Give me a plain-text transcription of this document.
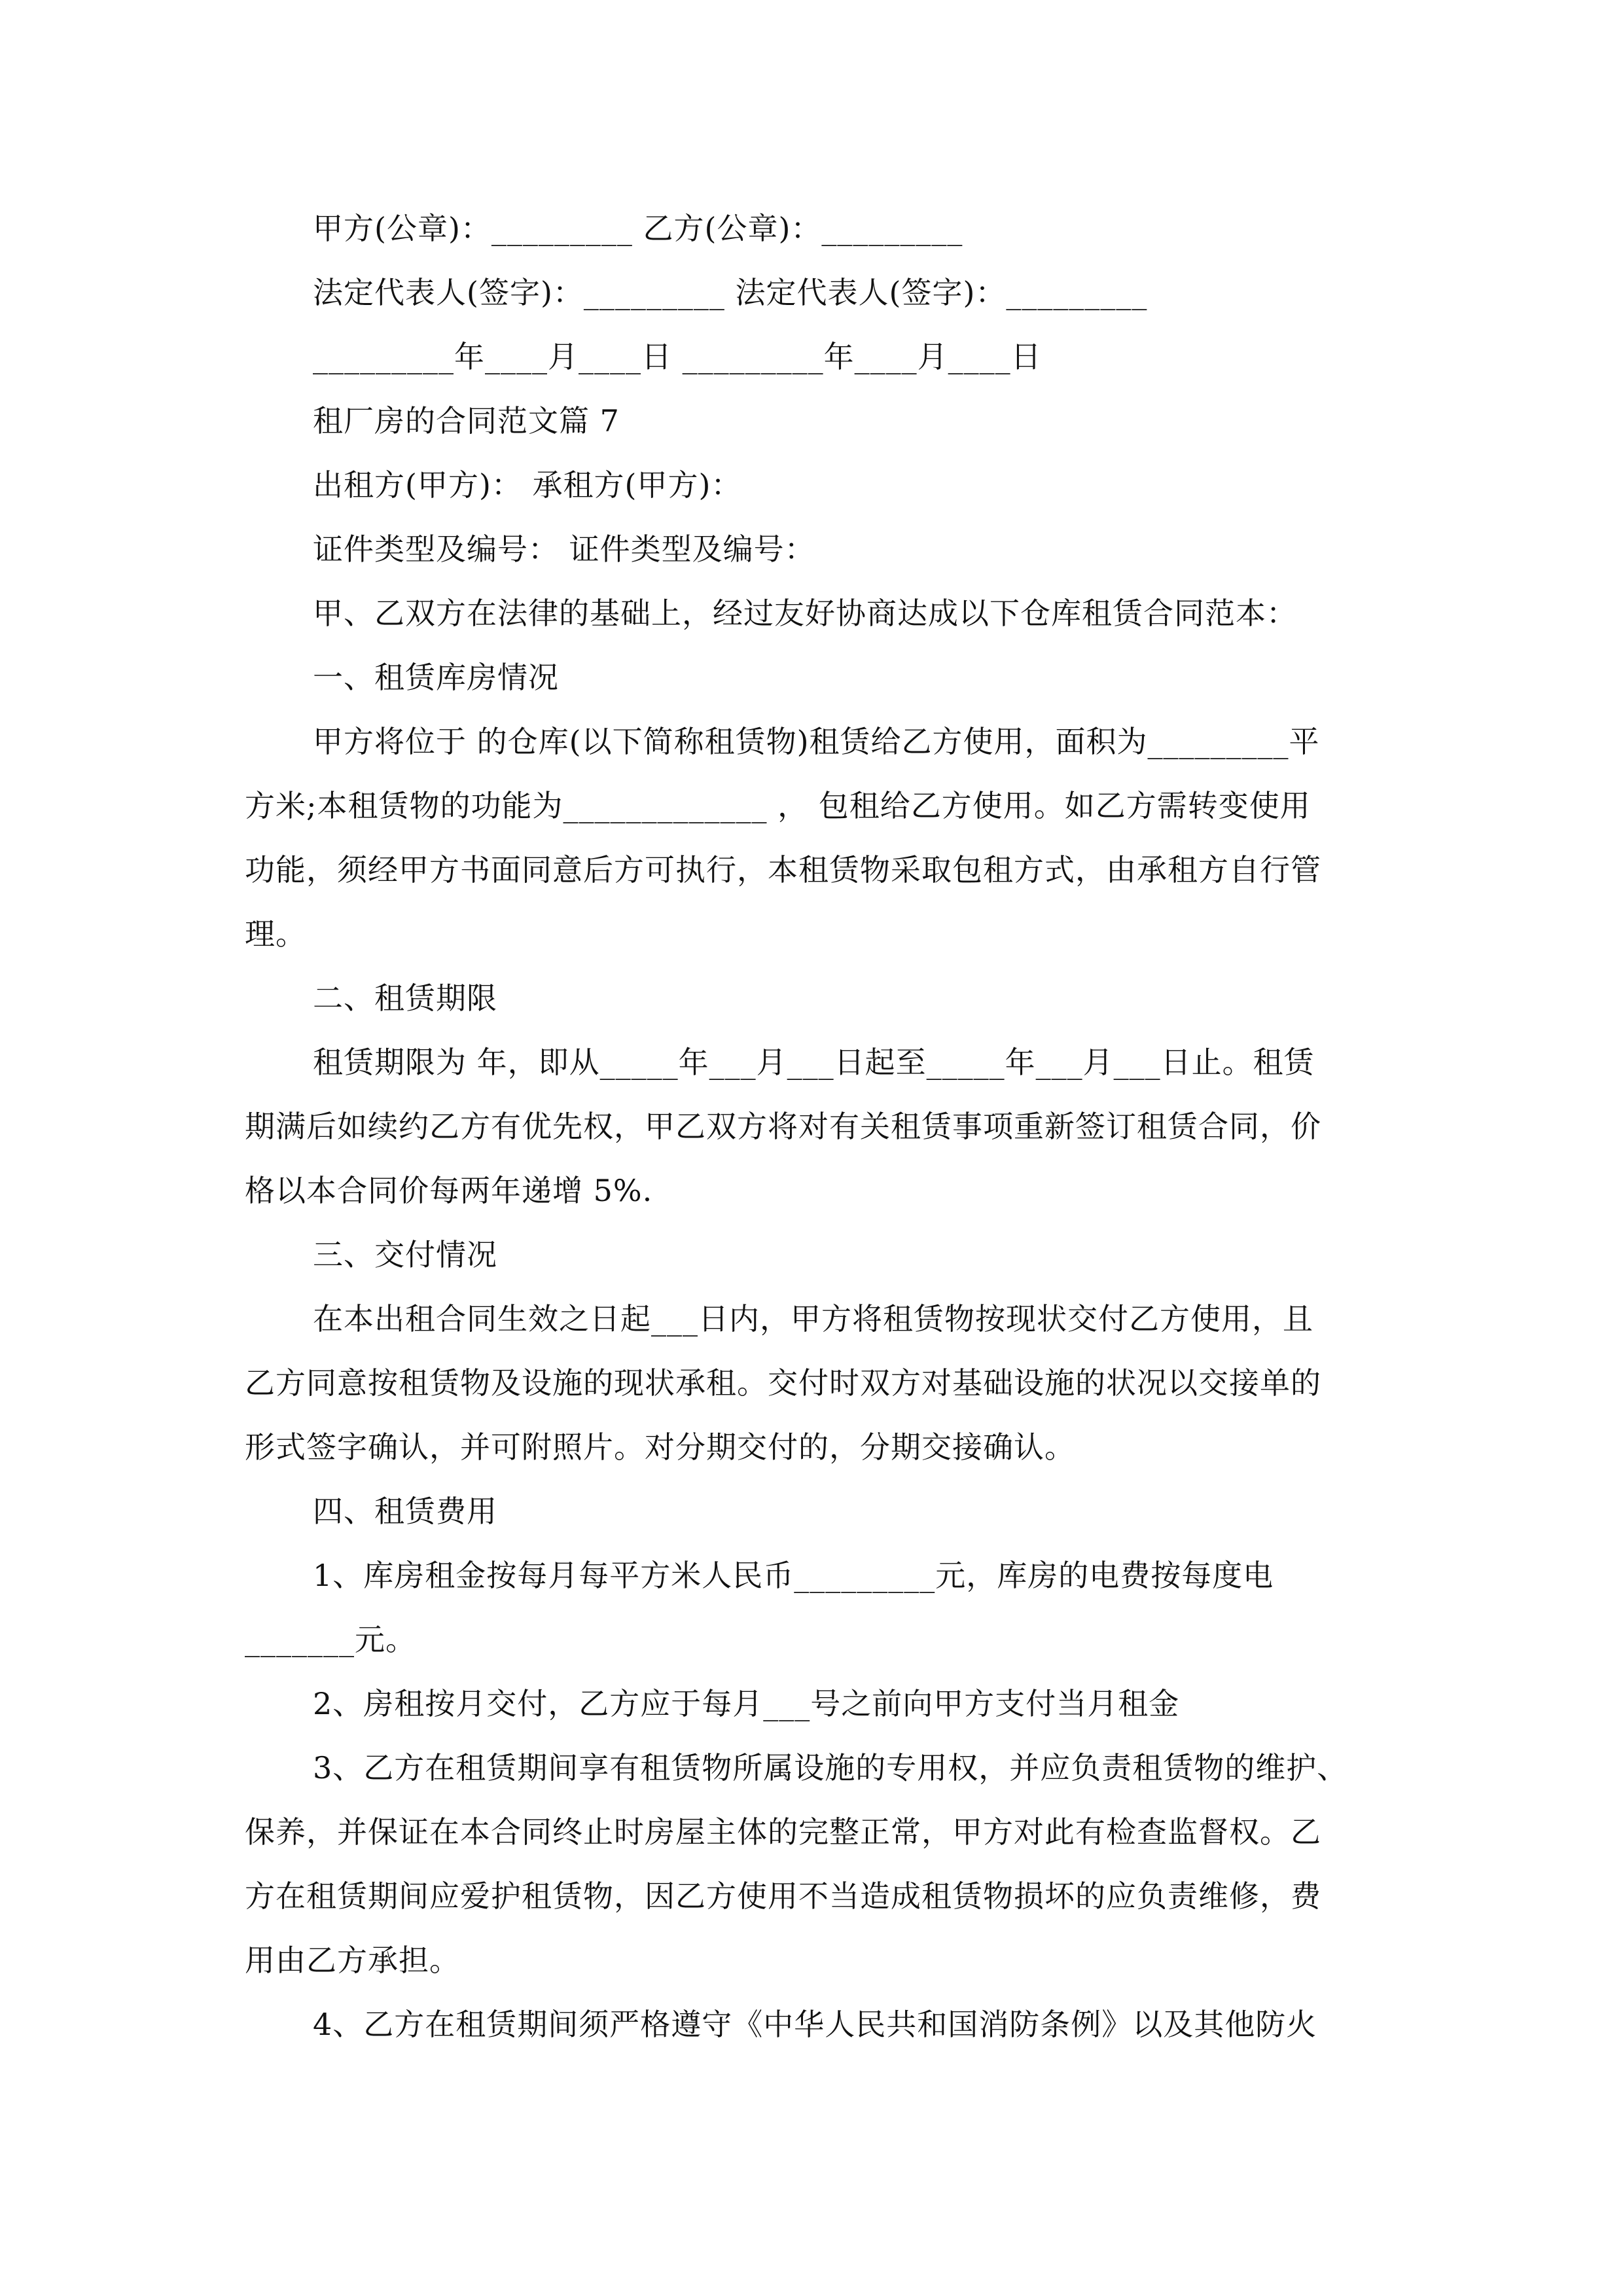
甲方(公章)：_________ 乙方(公章)：_________
法定代表人(签字)：_________ 法定代表人(签字)：_________
_________年____月____日 _________年____月____日
租厂房的合同范文篇 7
出租方(甲方)： 承租方(甲方)：
证件类型及编号： 证件类型及编号：
甲、乙双方在法律的基础上，经过友好协商达成以下仓库租赁合同范本：
一、租赁库房情况
甲方将位于 的仓库(以下简称租赁物)租赁给乙方使用，面积为_________平
方米;本租赁物的功能为_____________ ， 包租给乙方使用。如乙方需转变使用
功能，须经甲方书面同意后方可执行，本租赁物采取包租方式，由承租方自行管
理。
二、租赁期限
租赁期限为 年，即从_____年___月___日起至_____年___月___日止。租赁
期满后如续约乙方有优先权，甲乙双方将对有关租赁事项重新签订租赁合同，价
格以本合同价每两年递增 5%.
三、交付情况
在本出租合同生效之日起___日内，甲方将租赁物按现状交付乙方使用，且
乙方同意按租赁物及设施的现状承租。交付时双方对基础设施的状况以交接单的
形式签字确认，并可附照片。对分期交付的，分期交接确认。
四、租赁费用
1、库房租金按每月每平方米人民币_________元，库房的电费按每度电
_______元。
2、房租按月交付，乙方应于每月___号之前向甲方支付当月租金
3、乙方在租赁期间享有租赁物所属设施的专用权，并应负责租赁物的维护、
保养，并保证在本合同终止时房屋主体的完整正常，甲方对此有检查监督权。乙
方在租赁期间应爱护租赁物，因乙方使用不当造成租赁物损坏的应负责维修，费
用由乙方承担。
4、乙方在租赁期间须严格遵守《中华人民共和国消防条例》以及其他防火
